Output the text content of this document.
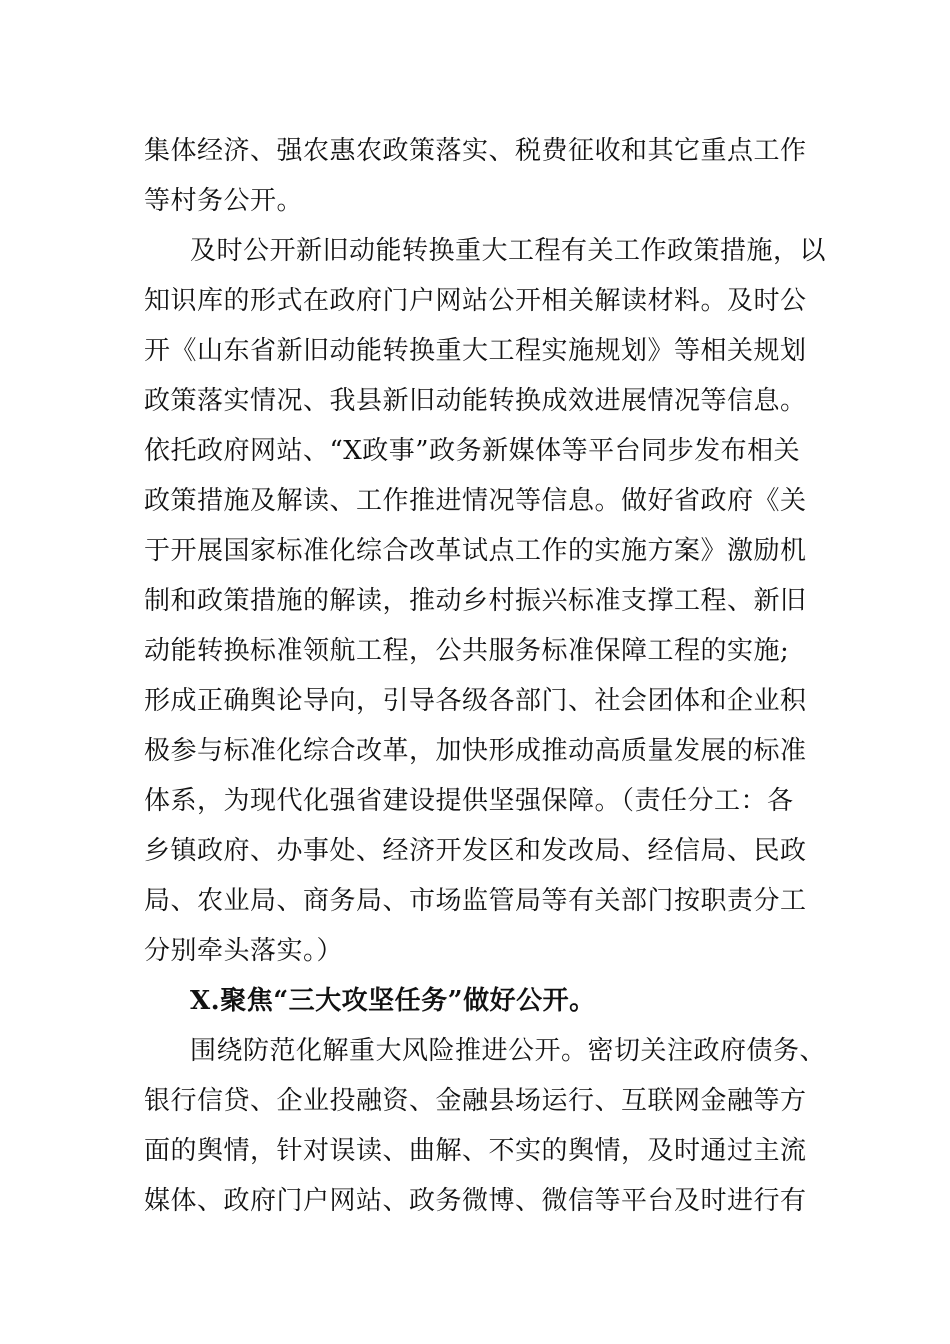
集体经济、强农惠农政策落实、税费征收和其它重点工作
等村务公开。
及时公开新旧动能转换重大工程有关工作政策措施，以
知识库的形式在政府门户网站公开相关解读材料。及时公
开《山东省新旧动能转换重大工程实施规划》等相关规划
政策落实情况、我县新旧动能转换成效进展情况等信息。
依托政府网站、“X政事”政务新媒体等平台同步发布相关
政策措施及解读、工作推进情况等信息。做好省政府《关
于开展国家标准化综合改革试点工作的实施方案》激励机
制和政策措施的解读，推动乡村振兴标准支撑工程、新旧
动能转换标准领航工程，公共服务标准保障工程的实施;
形成正确舆论导向，引导各级各部门、社会团体和企业积
极参与标准化综合改革，加快形成推动高质量发展的标准
体系，为现代化强省建设提供坚强保障。（责任分工：各
乡镇政府、办事处、经济开发区和发改局、经信局、民政
局、农业局、商务局、市场监管局等有关部门按职责分工
分别牵头落实。）
X.聚焦“三大攻坚任务”做好公开。
围绕防范化解重大风险推进公开。密切关注政府债务、
银行信贷、企业投融资、金融县场运行、互联网金融等方
面的舆情，针对误读、曲解、不实的舆情，及时通过主流
媒体、政府门户网站、政务微博、微信等平台及时进行有
